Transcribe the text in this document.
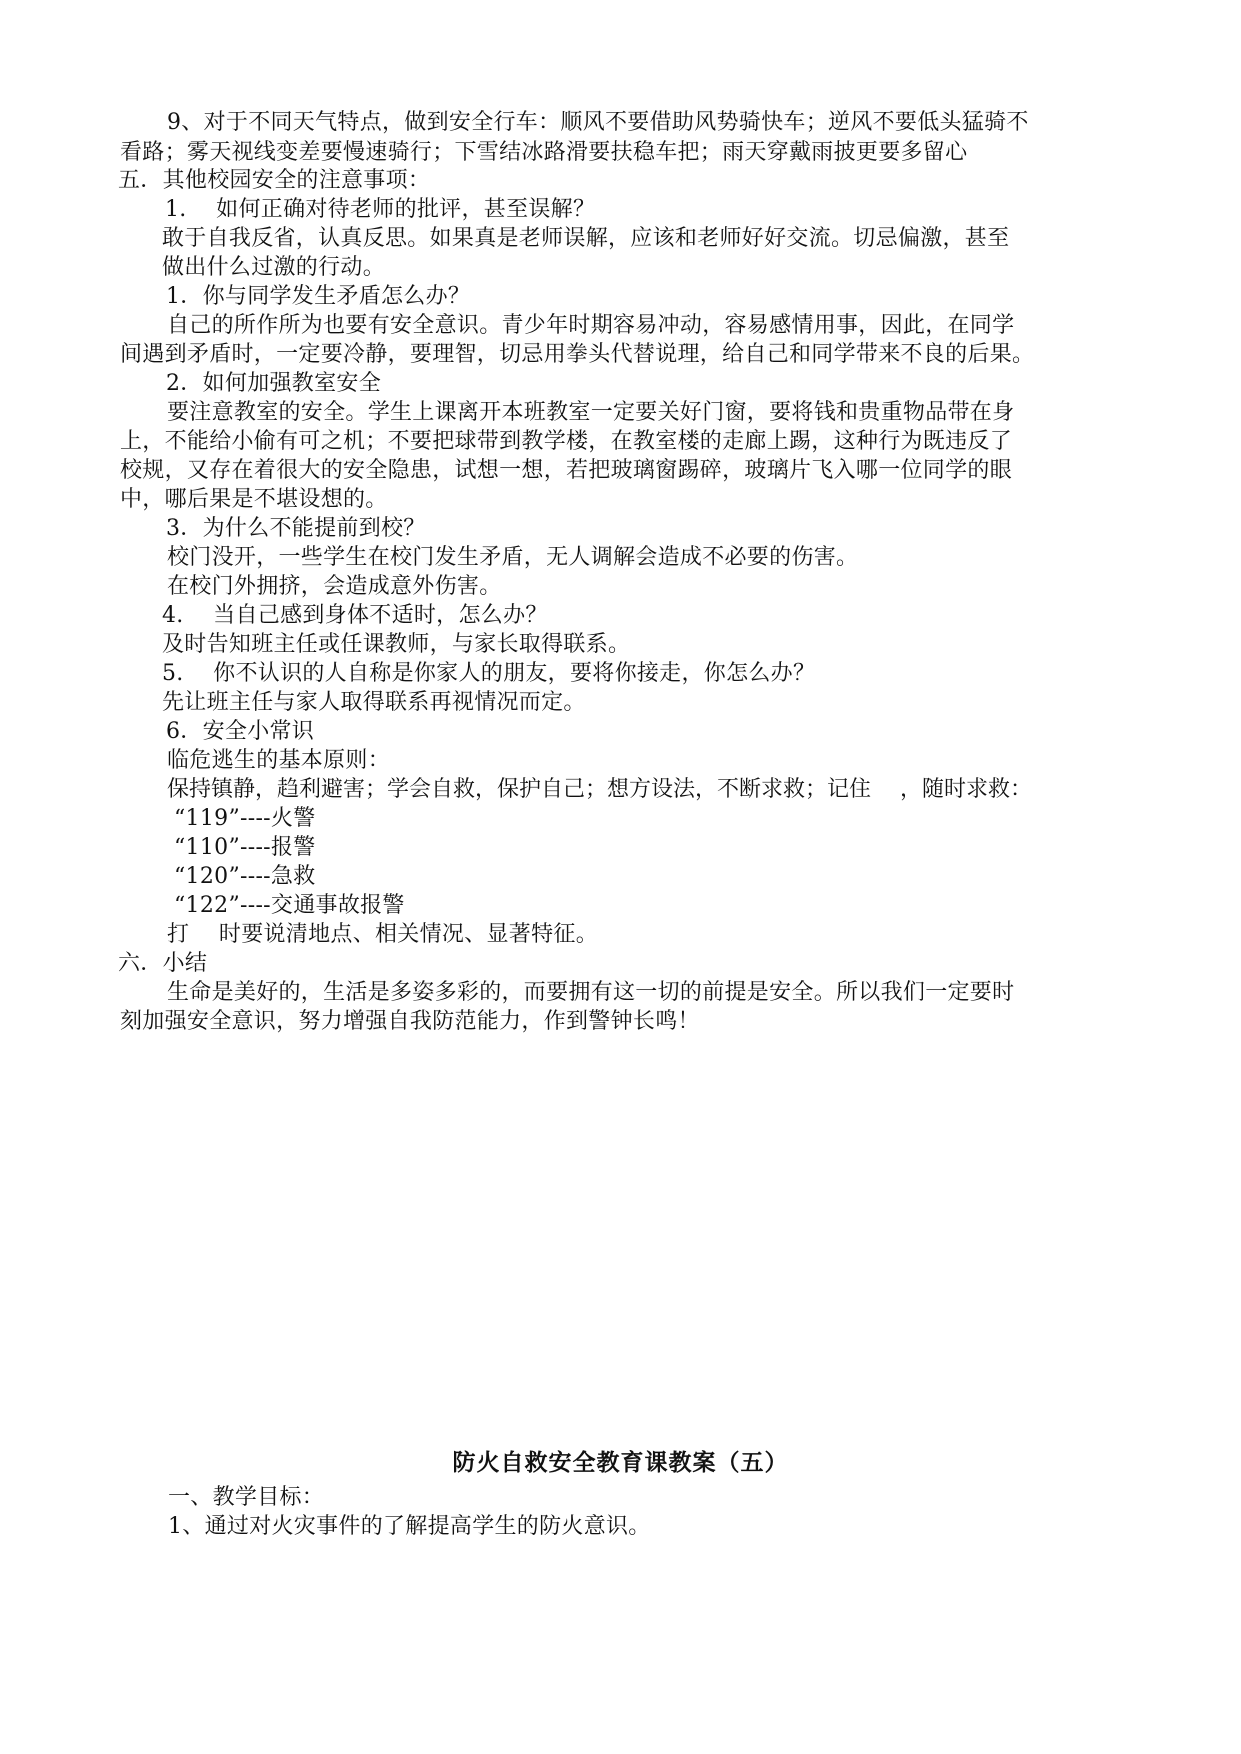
9、对于不同天气特点，做到安全行车：顺风不要借助风势骑快车；逆风不要低头猛骑不
看路；雾天视线变差要慢速骑行；下雪结冰路滑要扶稳车把；雨天穿戴雨披更要多留心
五．其他校园安全的注意事项：
1.　 如何正确对待老师的批评，甚至误解？
敢于自我反省，认真反思。如果真是老师误解，应该和老师好好交流。切忌偏激，甚至
做出什么过激的行动。
1．你与同学发生矛盾怎么办？
自己的所作所为也要有安全意识。青少年时期容易冲动，容易感情用事，因此，在同学
间遇到矛盾时，一定要冷静，要理智，切忌用拳头代替说理，给自己和同学带来不良的后果。
2．如何加强教室安全
要注意教室的安全。学生上课离开本班教室一定要关好门窗，要将钱和贵重物品带在身
上，不能给小偷有可之机；不要把球带到教学楼，在教室楼的走廊上踢，这种行为既违反了
校规，又存在着很大的安全隐患，试想一想，若把玻璃窗踢碎，玻璃片飞入哪一位同学的眼
中，哪后果是不堪设想的。
3．为什么不能提前到校？
校门没开，一些学生在校门发生矛盾，无人调解会造成不必要的伤害。
在校门外拥挤，会造成意外伤害。
4.　 当自己感到身体不适时，怎么办？
及时告知班主任或任课教师，与家长取得联系。
5.　 你不认识的人自称是你家人的朋友，要将你接走，你怎么办？
先让班主任与家人取得联系再视情况而定。
6．安全小常识
临危逃生的基本原则：
保持镇静，趋利避害；学会自救，保护自己；想方设法，不断求救；记住　 ，随时求救：
“119”----火警
“110”----报警
“120”----急救
“122”----交通事故报警
打　 时要说清地点、相关情况、显著特征。
六．小结
生命是美好的，生活是多姿多彩的，而要拥有这一切的前提是安全。所以我们一定要时
刻加强安全意识，努力增强自我防范能力，作到警钟长鸣！
防火自救安全教育课教案（五）
一、教学目标：
1、通过对火灾事件的了解提高学生的防火意识。
